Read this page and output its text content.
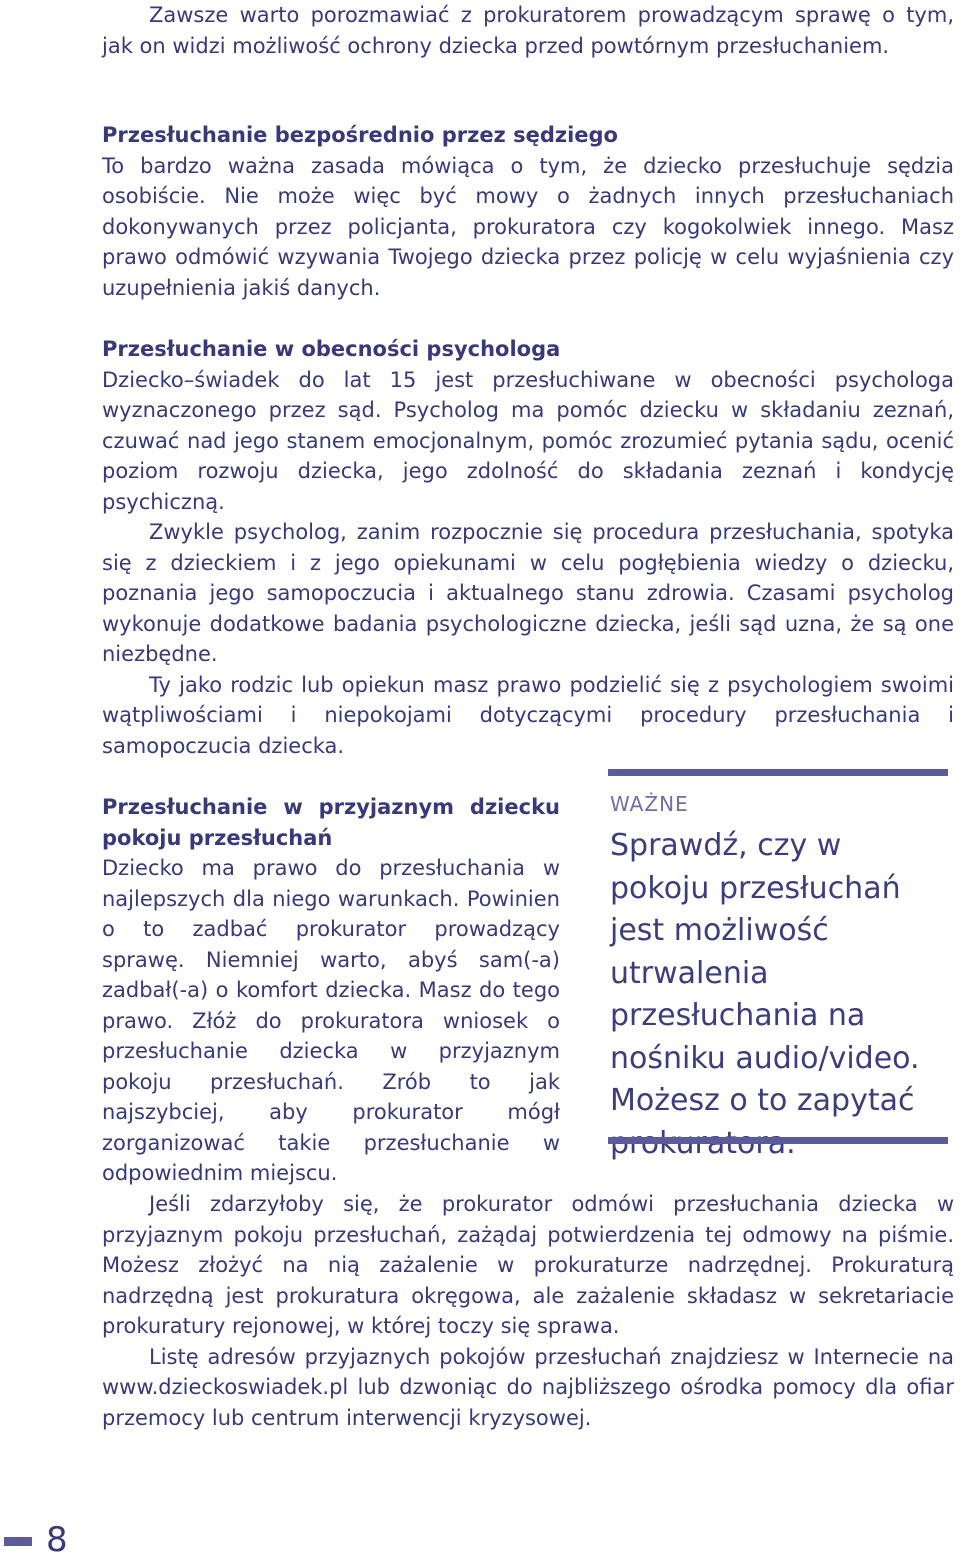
Zawsze warto porozmawiać z prokuratorem prowadzącym sprawę o tym, jak on widzi możliwość ochrony dziecka przed powtórnym przesłuchaniem.

Przesłuchanie bezpośrednio przez sędziego

To bardzo ważna zasada mówiąca o tym, że dziecko przesłuchuje sędzia osobiście. Nie może więc być mowy o żadnych innych przesłuchaniach dokonywanych przez policjanta, prokuratora czy kogokolwiek innego. Masz prawo odmówić wzywania Twojego dziecka przez policję w celu wyjaśnienia czy uzupełnienia jakiś danych.

Przesłuchanie w obecności psychologa

Dziecko–świadek do lat 15 jest przesłuchiwane w obecności psychologa wyznaczonego przez sąd. Psycholog ma pomóc dziecku w składaniu zeznań, czuwać nad jego stanem emocjonalnym, pomóc zrozumieć pytania sądu, ocenić poziom rozwoju dziecka, jego zdolność do składania zeznań i kondycję psychiczną.

Zwykle psycholog, zanim rozpocznie się procedura przesłuchania, spotyka się z dzieckiem i z jego opiekunami w celu pogłębienia wiedzy o dziecku, poznania jego samopoczucia i aktualnego stanu zdrowia. Czasami psycholog wykonuje dodatkowe badania psychologiczne dziecka, jeśli sąd uzna, że są one niezbędne.

Ty jako rodzic lub opiekun masz prawo podzielić się z psychologiem swoimi wątpliwościami i niepokojami dotyczącymi procedury przesłuchania i samopoczucia dziecka.

Przesłuchanie w przyjaznym dziecku pokoju przesłuchań

Dziecko ma prawo do przesłuchania w najlepszych dla niego warunkach. Powinien o to zadbać prokurator prowadzący sprawę. Niemniej warto, abyś sam(-a) zadbał(-a) o komfort dziecka. Masz do tego prawo. Złóż do prokuratora wniosek o przesłuchanie dziecka w przyjaznym pokoju przesłuchań. Zrób to jak najszybciej, aby prokurator mógł zorganizować takie przesłuchanie w odpowiednim miejscu.

Jeśli zdarzyłoby się, że prokurator odmówi przesłuchania dziecka w przyjaznym pokoju przesłuchań, zażądaj potwierdzenia tej odmowy na piśmie. Możesz złożyć na nią zażalenie w prokuraturze nadrzędnej. Prokuraturą nadrzędną jest prokuratura okręgowa, ale zażalenie składasz w sekretariacie prokuratury rejonowej, w której toczy się sprawa.

Listę adresów przyjaznych pokojów przesłuchań znajdziesz w Internecie na www.dzieckoswiadek.pl lub dzwoniąc do najbliższego ośrodka pomocy dla ofiar przemocy lub centrum interwencji kryzysowej.

WAŻNE
Sprawdź, czy w pokoju przesłuchań jest możliwość utrwalenia przesłuchania na nośniku audio/video. Możesz o to zapytać
8
